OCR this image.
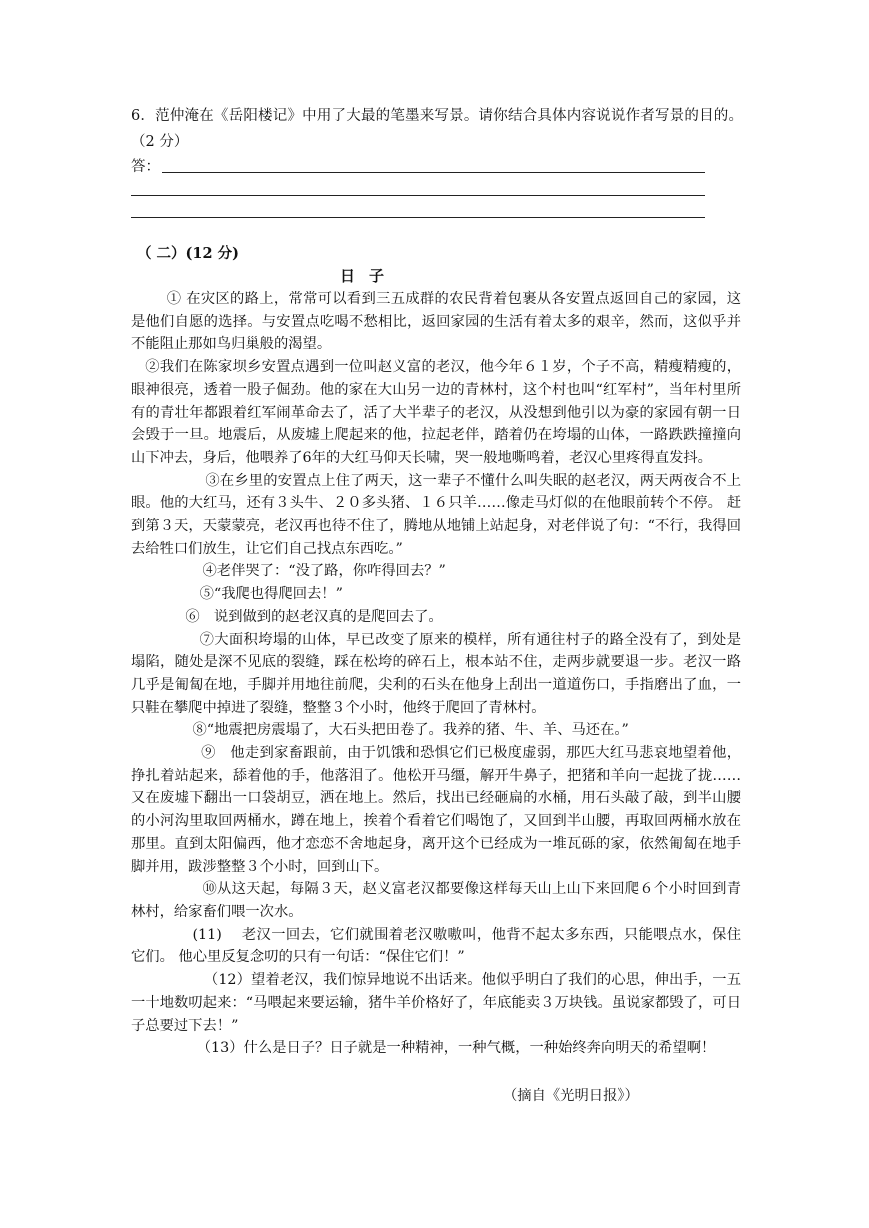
6．范仲淹在《岳阳楼记》中用了大最的笔墨来写景。请你结合具体内容说说作者写景的目的。（2 分）
答：
（ 二）(12 分)
日子

① 在灾区的路上，常常可以看到三五成群的农民背着包裹从各安置点返回自己的家园，这是他们自愿的选择。与安置点吃喝不愁相比，返回家园的生活有着太多的艰辛，然而，这似乎并不能阻止那如鸟归巢般的渴望。

②我们在陈家坝乡安置点遇到一位叫赵义富的老汉，他今年６１岁，个子不高，精瘦精瘦的，眼神很亮，透着一股子倔劲。他的家在大山另一边的青林村，这个村也叫“红军村”，当年村里所有的青壮年都跟着红军闹革命去了，活了大半辈子的老汉，从没想到他引以为豪的家园有朝一日会毁于一旦。地震后，从废墟上爬起来的他，拉起老伴，踏着仍在垮塌的山体，一路跌跌撞撞向山下冲去，身后，他喂养了6年的大红马仰天长啸，哭一般地嘶鸣着，老汉心里疼得直发抖。

③在乡里的安置点上住了两天，这一辈子不懂什么叫失眠的赵老汉，两天两夜合不上眼。他的大红马，还有３头牛、２０多头猪、１６只羊……像走马灯似的在他眼前转个不停。 赶到第３天，天蒙蒙亮，老汉再也待不住了，腾地从地铺上站起身，对老伴说了句：“不行，我得回去给牲口们放生，让它们自己找点东西吃。”

④老伴哭了：“没了路，你咋得回去？”

⑤“我爬也得爬回去！”

⑥　说到做到的赵老汉真的是爬回去了。

⑦大面积垮塌的山体，早已改变了原来的模样，所有通往村子的路全没有了，到处是塌陷，随处是深不见底的裂缝，踩在松垮的碎石上，根本站不住，走两步就要退一步。老汉一路几乎是匍匐在地，手脚并用地往前爬，尖利的石头在他身上刮出一道道伤口，手指磨出了血，一只鞋在攀爬中掉进了裂缝，整整３个小时，他终于爬回了青林村。

⑧“地震把房震塌了，大石头把田卷了。我养的猪、牛、羊、马还在。”

⑨　他走到家畜跟前，由于饥饿和恐惧它们已极度虚弱，那匹大红马悲哀地望着他，挣扎着站起来，舔着他的手，他落泪了。他松开马缰，解开牛鼻子，把猪和羊向一起拢了拢……又在废墟下翻出一口袋胡豆，洒在地上。然后，找出已经砸扁的水桶，用石头敲了敲，到半山腰的小河沟里取回两桶水，蹲在地上，挨着个看着它们喝饱了，又回到半山腰，再取回两桶水放在那里。直到太阳偏西，他才恋恋不舍地起身，离开这个已经成为一堆瓦砾的家，依然匍匐在地手脚并用，跋涉整整３个小时，回到山下。

⑩从这天起，每隔３天，赵义富老汉都要像这样每天山上山下来回爬６个小时回到青林村，给家畜们喂一次水。

(11)　 老汉一回去，它们就围着老汉嗷嗷叫，他背不起太多东西，只能喂点水，保住它们。 他心里反复念叨的只有一句话：“保住它们！”

（12）望着老汉，我们惊异地说不出话来。他似乎明白了我们的心思，伸出手，一五一十地数叨起来：“马喂起来要运输，猪牛羊价格好了，年底能卖３万块钱。虽说家都毁了，可日子总要过下去！”

（13）什么是日子？日子就是一种精神，一种气概，一种始终奔向明天的希望啊！

（摘自《光明日报》）
